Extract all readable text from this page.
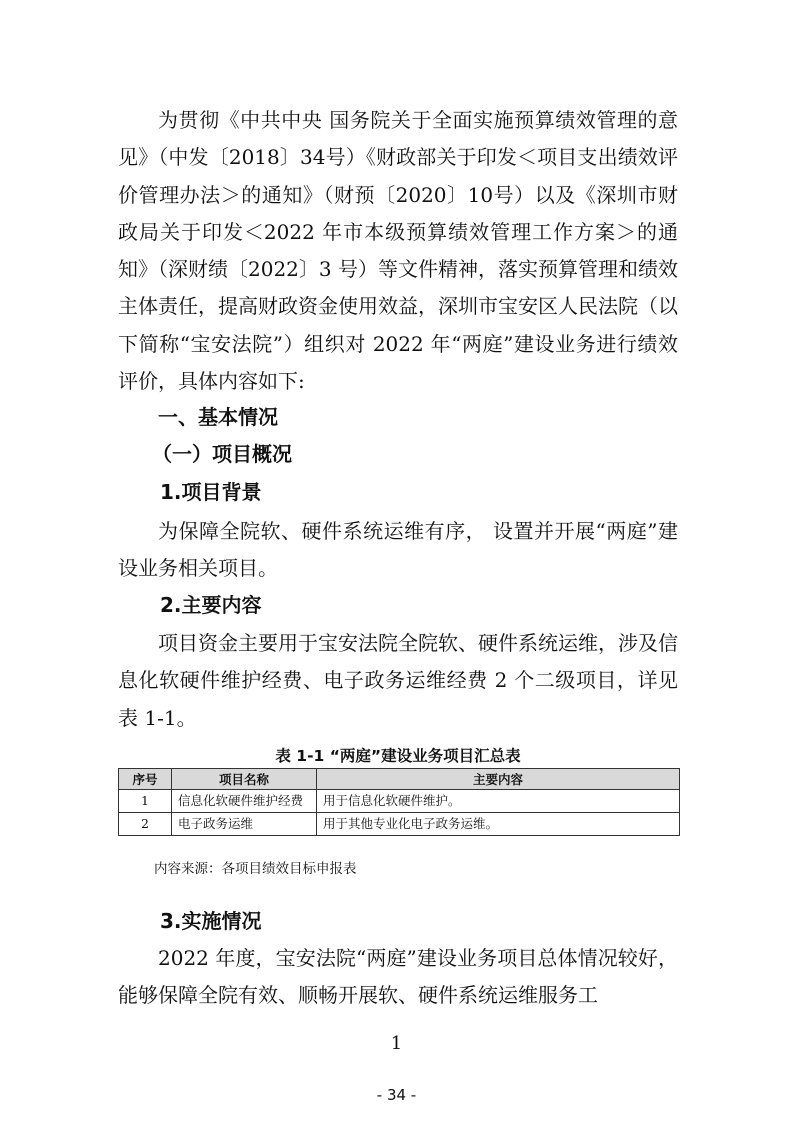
为贯彻《中共中央 国务院关于全面实施预算绩效管理的意见》（中发〔2018〕34号）《财政部关于印发＜项目支出绩效评价管理办法＞的通知》（财预〔2020〕10号）以及《深圳市财政局关于印发＜2022 年市本级预算绩效管理工作方案＞的通知》（深财绩〔2022〕3 号）等文件精神，落实预算管理和绩效主体责任，提高财政资金使用效益，深圳市宝安区人民法院（以下简称“宝安法院”）组织对 2022 年“两庭”建设业务进行绩效评价，具体内容如下:

一、基本情况
（一）项目概况
1.项目背景

为保障全院软、硬件系统运维有序， 设置并开展“两庭”建设业务相关项目。

2.主要内容

项目资金主要用于宝安法院全院软、硬件系统运维，涉及信息化软硬件维护经费、电子政务运维经费 2 个二级项目，详见表 1-1。

表 1-1 “两庭”建设业务项目汇总表
序号	项目名称	主要内容
1	信息化软硬件维护经费	用于信息化软硬件维护。
2	电子政务运维	用于其他专业化电子政务运维。
内容来源：各项目绩效目标申报表
3.实施情况

2022 年度，宝安法院“两庭”建设业务项目总体情况较好，能够保障全院有效、顺畅开展软、硬件系统运维服务工

1
- 34 -
